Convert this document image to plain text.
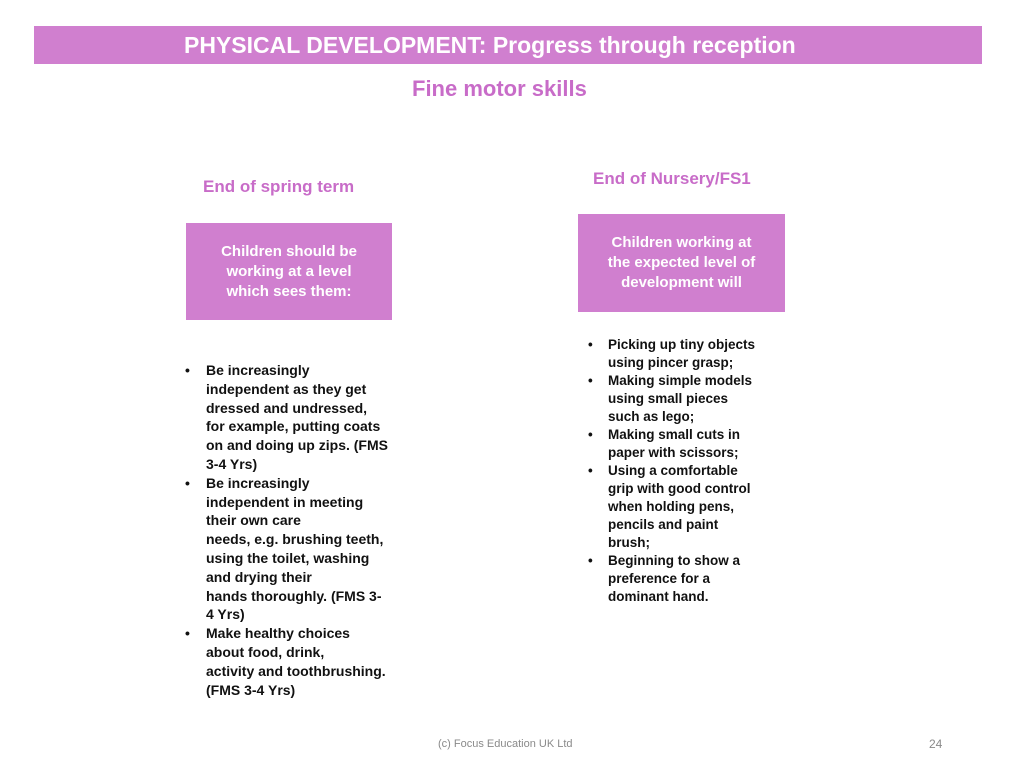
PHYSICAL DEVELOPMENT: Progress through reception
Fine motor skills
End of spring term	End of Nursery/FS1
Children should be
working at a level
which sees them:
Children working at
the expected level of
development will
• Be increasingly
independent as they get
dressed and undressed,
for example, putting coats
on and doing up zips. (FMS
3-4 Yrs)
• Be increasingly
independent in meeting
their own care
needs, e.g. brushing teeth,
using the toilet, washing
and drying their
hands thoroughly. (FMS 3-
4 Yrs)
• Make healthy choices
about food, drink,
activity and toothbrushing.
(FMS 3-4 Yrs)
• Picking up tiny objects
using pincer grasp;
• Making simple models
using small pieces
such as lego;
• Making small cuts in
paper with scissors;
• Using a comfortable
grip with good control
when holding pens,
pencils and paint
brush;
• Beginning to show a
preference for a
dominant hand.
(c) Focus Education UK Ltd	24
